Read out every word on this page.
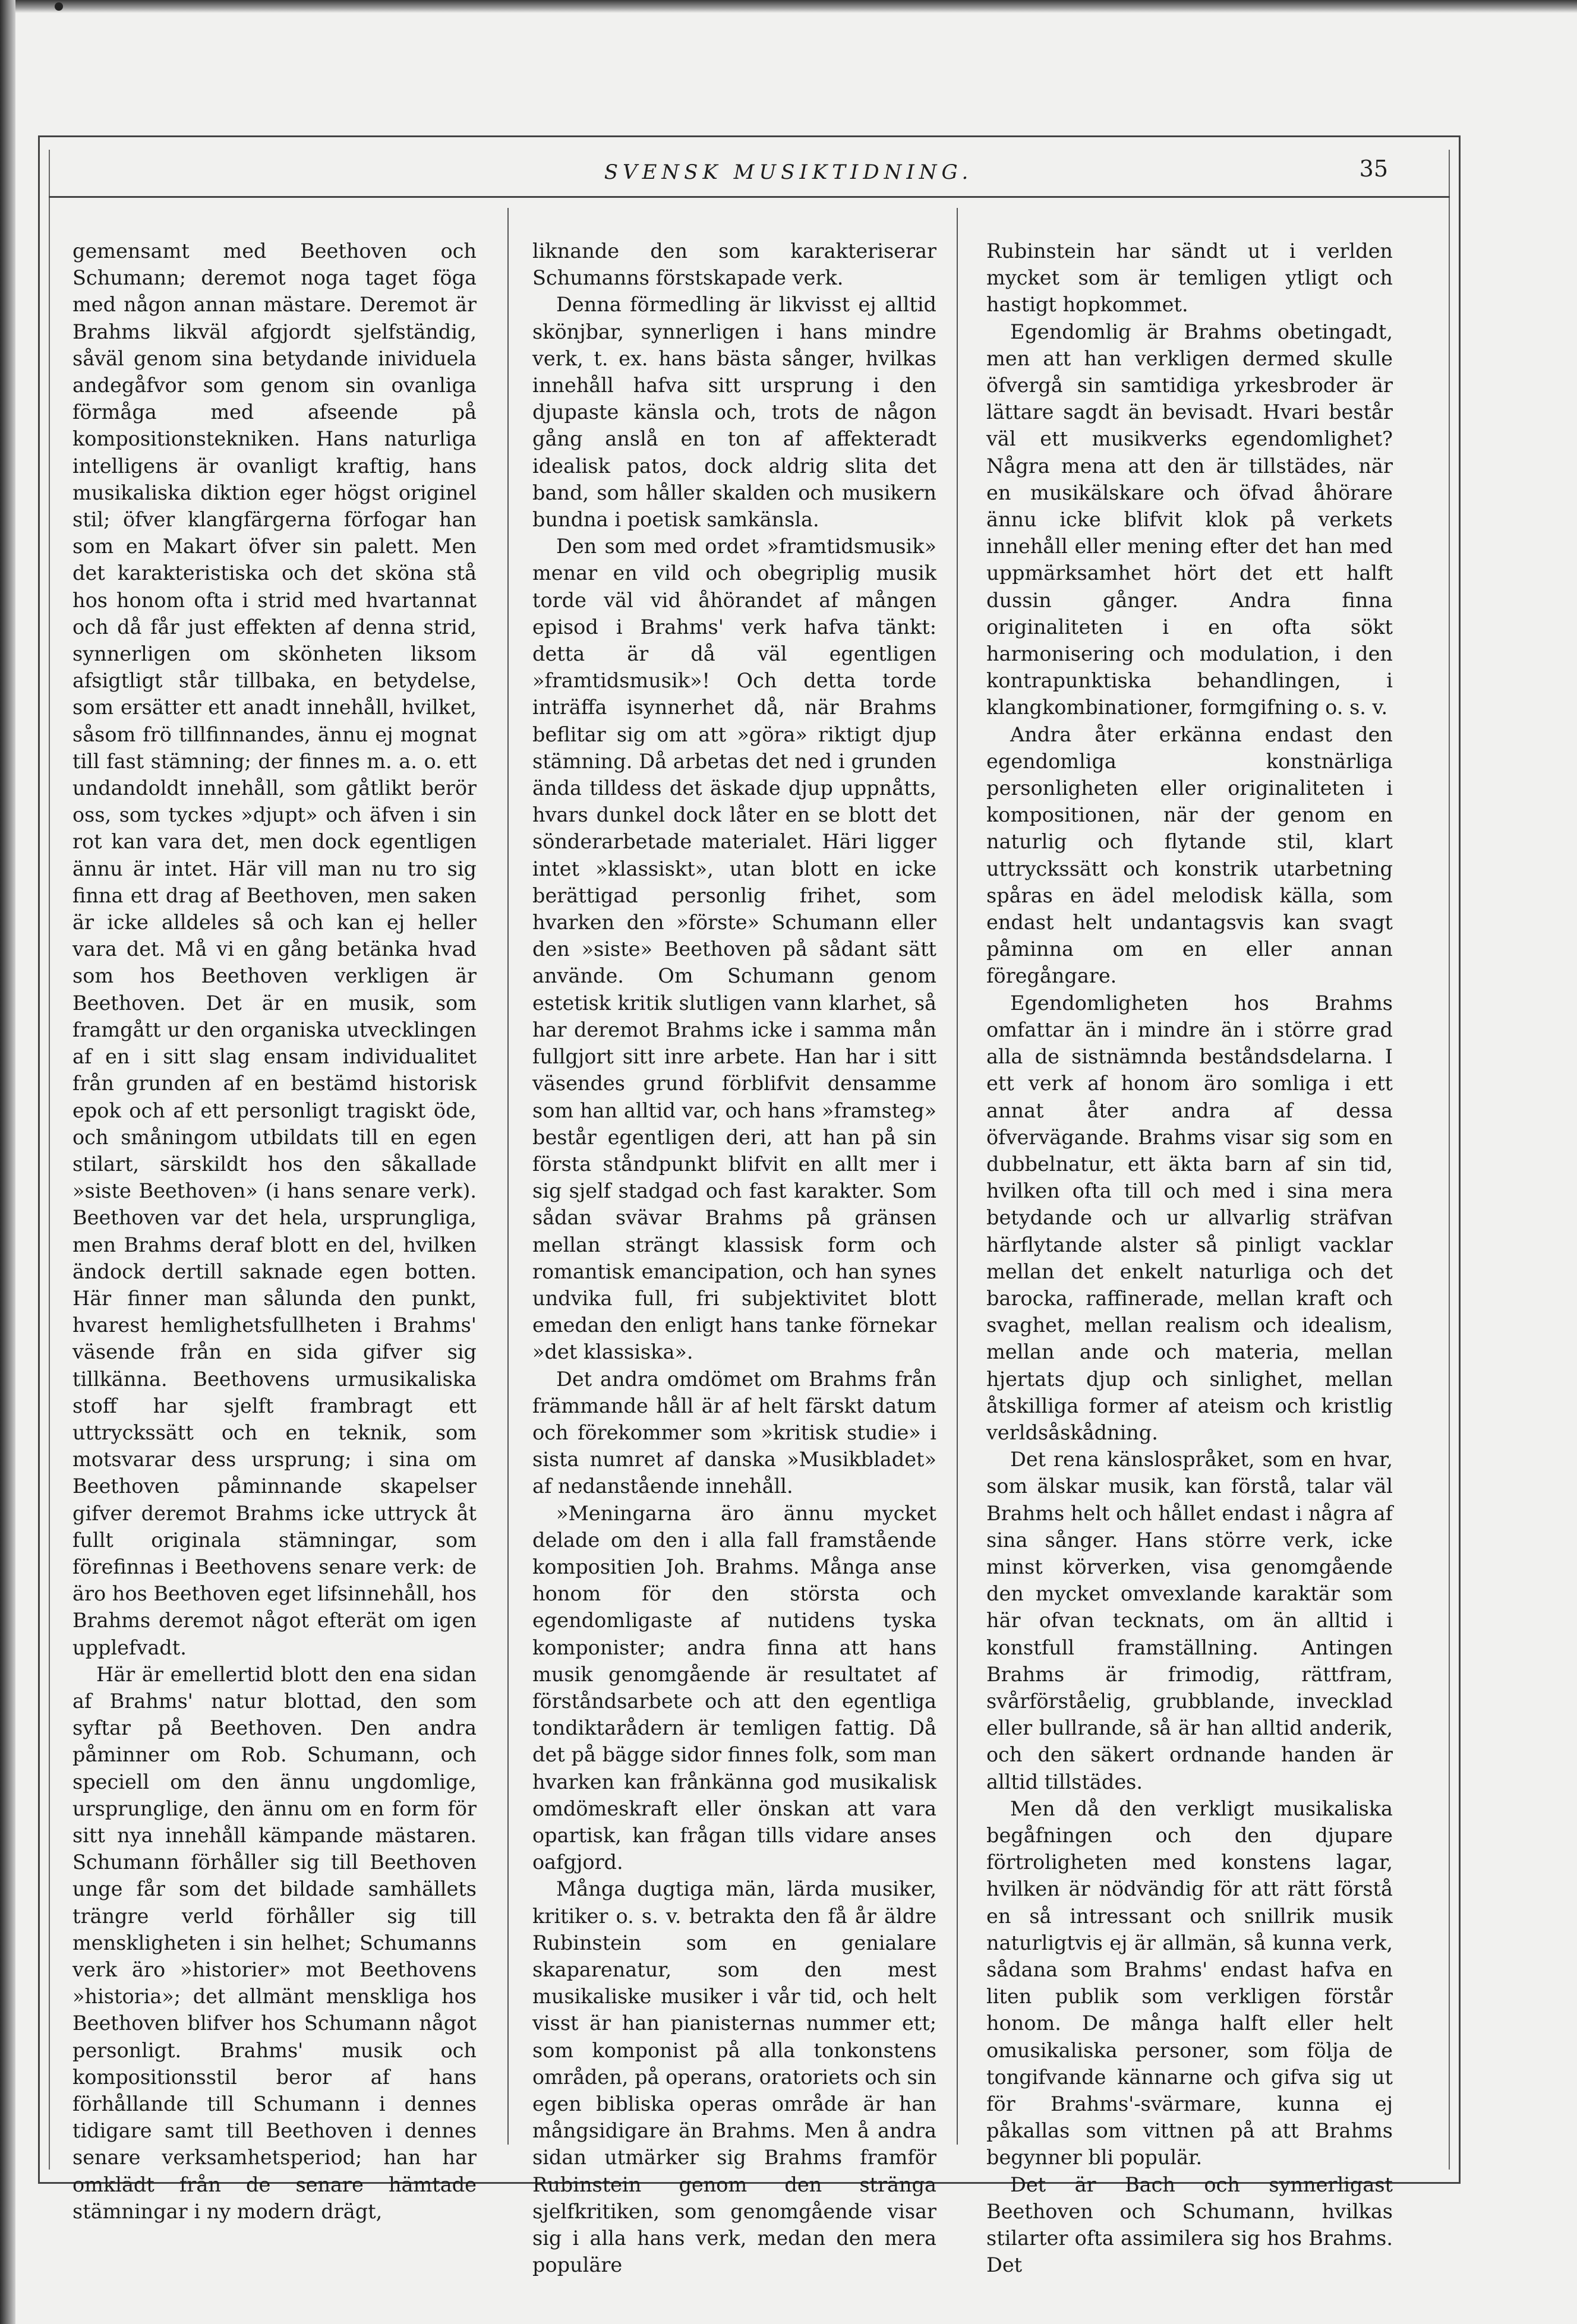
SVENSK MUSIKTIDNING.	35

gemensamt med Beethoven och Schumann; deremot noga taget föga med någon annan mästare. Deremot är Brahms likväl afgjordt sjelfständig, såväl genom sina betydande inividuela andegåfvor som genom sin ovanliga förmåga med afseende på kompositionstekniken. Hans naturliga intelligens är ovanligt kraftig, hans musikaliska diktion eger högst originel stil; öfver klangfärgerna förfogar han som en Makart öfver sin palett. Men det karakteristiska och det sköna stå hos honom ofta i strid med hvartannat och då får just effekten af denna strid, synnerligen om skönheten liksom afsigtligt står tillbaka, en betydelse, som ersätter ett anadt innehåll, hvilket, såsom frö tillfinnandes, ännu ej mognat till fast stämning; der finnes m. a. o. ett undandoldt innehåll, som gåtlikt berör oss, som tyckes »djupt» och äfven i sin rot kan vara det, men dock egentligen ännu är intet. Här vill man nu tro sig finna ett drag af Beethoven, men saken är icke alldeles så och kan ej heller vara det. Må vi en gång betänka hvad som hos Beethoven verkligen är Beethoven. Det är en musik, som framgått ur den organiska utvecklingen af en i sitt slag ensam individualitet från grunden af en bestämd historisk epok och af ett personligt tragiskt öde, och småningom utbildats till en egen stilart, särskildt hos den såkallade »siste Beethoven» (i hans senare verk). Beethoven var det hela, ursprungliga, men Brahms deraf blott en del, hvilken ändock dertill saknade egen botten. Här finner man sålunda den punkt, hvarest hemlighetsfullheten i Brahms' väsende från en sida gifver sig tillkänna. Beethovens urmusikaliska stoff har sjelft frambragt ett uttryckssätt och en teknik, som motsvarar dess ursprung; i sina om Beethoven påminnande skapelser gifver deremot Brahms icke uttryck åt fullt originala stämningar, som förefinnas i Beethovens senare verk: de äro hos Beethoven eget lifsinnehåll, hos Brahms deremot något efterät om igen upplefvadt.

Här är emellertid blott den ena sidan af Brahms' natur blottad, den som syftar på Beethoven. Den andra påminner om Rob. Schumann, och speciell om den ännu ungdomlige, ursprunglige, den ännu om en form för sitt nya innehåll kämpande mästaren. Schumann förhåller sig till Beethoven unge får som det bildade samhällets trängre verld förhåller sig till menskligheten i sin helhet; Schumanns verk äro »historier» mot Beethovens »historia»; det allmänt menskliga hos Beethoven blifver hos Schumann något personligt. Brahms' musik och kompositionsstil beror af hans förhållande till Schumann i dennes tidigare samt till Beethoven i dennes senare verksamhetsperiod; han har omklädt från de senare hämtade stämningar i ny modern drägt,

liknande den som karakteriserar Schumanns förstskapade verk.

Denna förmedling är likvisst ej alltid skönjbar, synnerligen i hans mindre verk, t. ex. hans bästa sånger, hvilkas innehåll hafva sitt ursprung i den djupaste känsla och, trots de någon gång anslå en ton af affekteradt idealisk patos, dock aldrig slita det band, som håller skalden och musikern bundna i poetisk samkänsla.

Den som med ordet »framtidsmusik» menar en vild och obegriplig musik torde väl vid åhörandet af mången episod i Brahms' verk hafva tänkt: detta är då väl egentligen »framtidsmusik»! Och detta torde inträffa isynnerhet då, när Brahms beflitar sig om att »göra» riktigt djup stämning. Då arbetas det ned i grunden ända tilldess det äskade djup uppnåtts, hvars dunkel dock låter en se blott det sönderarbetade materialet. Häri ligger intet »klassiskt», utan blott en icke berättigad personlig frihet, som hvarken den »förste» Schumann eller den »siste» Beethoven på sådant sätt använde. Om Schumann genom estetisk kritik slutligen vann klarhet, så har deremot Brahms icke i samma mån fullgjort sitt inre arbete. Han har i sitt väsendes grund förblifvit densamme som han alltid var, och hans »framsteg» består egentligen deri, att han på sin första ståndpunkt blifvit en allt mer i sig sjelf stadgad och fast karakter. Som sådan svävar Brahms på gränsen mellan strängt klassisk form och romantisk emancipation, och han synes undvika full, fri subjektivitet blott emedan den enligt hans tanke förnekar »det klassiska».

Det andra omdömet om Brahms från främmande håll är af helt färskt datum och förekommer som »kritisk studie» i sista numret af danska »Musikbladet» af nedanstående innehåll.

»Meningarna äro ännu mycket delade om den i alla fall framstående kompositien Joh. Brahms. Många anse honom för den största och egendomligaste af nutidens tyska komponister; andra finna att hans musik genomgående är resultatet af förståndsarbete och att den egentliga tondiktarådern är temligen fattig. Då det på bägge sidor finnes folk, som man hvarken kan frånkänna god musikalisk omdömeskraft eller önskan att vara opartisk, kan frågan tills vidare anses oafgjord.

Många dugtiga män, lärda musiker, kritiker o. s. v. betrakta den få år äldre Rubinstein som en genialare skaparenatur, som den mest musikaliske musiker i vår tid, och helt visst är han pianisternas nummer ett; som komponist på alla tonkonstens områden, på operans, oratoriets och sin egen bibliska operas område är han mångsidigare än Brahms. Men å andra sidan utmärker sig Brahms framför Rubinstein genom den stränga sjelfkritiken, som genomgående visar sig i alla hans verk, medan den mera populäre

Rubinstein har sändt ut i verlden mycket som är temligen ytligt och hastigt hopkommet.

Egendomlig är Brahms obetingadt, men att han verkligen dermed skulle öfvergå sin samtidiga yrkesbroder är lättare sagdt än bevisadt. Hvari består väl ett musikverks egendomlighet? Några mena att den är tillstädes, när en musikälskare och öfvad åhörare ännu icke blifvit klok på verkets innehåll eller mening efter det han med uppmärksamhet hört det ett halft dussin gånger. Andra finna originaliteten i en ofta sökt harmonisering och modulation, i den kontrapunktiska behandlingen, i klangkombinationer, formgifning o. s. v.

Andra åter erkänna endast den egendomliga konstnärliga personligheten eller originaliteten i kompositionen, när der genom en naturlig och flytande stil, klart uttryckssätt och konstrik utarbetning spåras en ädel melodisk källa, som endast helt undantagsvis kan svagt påminna om en eller annan föregångare.

Egendomligheten hos Brahms omfattar än i mindre än i större grad alla de sistnämnda beståndsdelarna. I ett verk af honom äro somliga i ett annat åter andra af dessa öfvervägande. Brahms visar sig som en dubbelnatur, ett äkta barn af sin tid, hvilken ofta till och med i sina mera betydande och ur allvarlig sträfvan härflytande alster så pinligt vacklar mellan det enkelt naturliga och det barocka, raffinerade, mellan kraft och svaghet, mellan realism och idealism, mellan ande och materia, mellan hjertats djup och sinlighet, mellan åtskilliga former af ateism och kristlig verldsåskådning.

Det rena känslospråket, som en hvar, som älskar musik, kan förstå, talar väl Brahms helt och hållet endast i några af sina sånger. Hans större verk, icke minst körverken, visa genomgående den mycket omvexlande karaktär som här ofvan tecknats, om än alltid i konstfull framställning. Antingen Brahms är frimodig, rättfram, svårförståelig, grubblande, invecklad eller bullrande, så är han alltid anderik, och den säkert ordnande handen är alltid tillstädes.

Men då den verkligt musikaliska begåfningen och den djupare förtroligheten med konstens lagar, hvilken är nödvändig för att rätt förstå en så intressant och snillrik musik naturligtvis ej är allmän, så kunna verk, sådana som Brahms' endast hafva en liten publik som verkligen förstår honom. De många halft eller helt omusikaliska personer, som följa de tongifvande kännarne och gifva sig ut för Brahms'-svärmare, kunna ej påkallas som vittnen på att Brahms begynner bli populär.

Det är Bach och synnerligast Beethoven och Schumann, hvilkas stilarter ofta assimilera sig hos Brahms. Det
